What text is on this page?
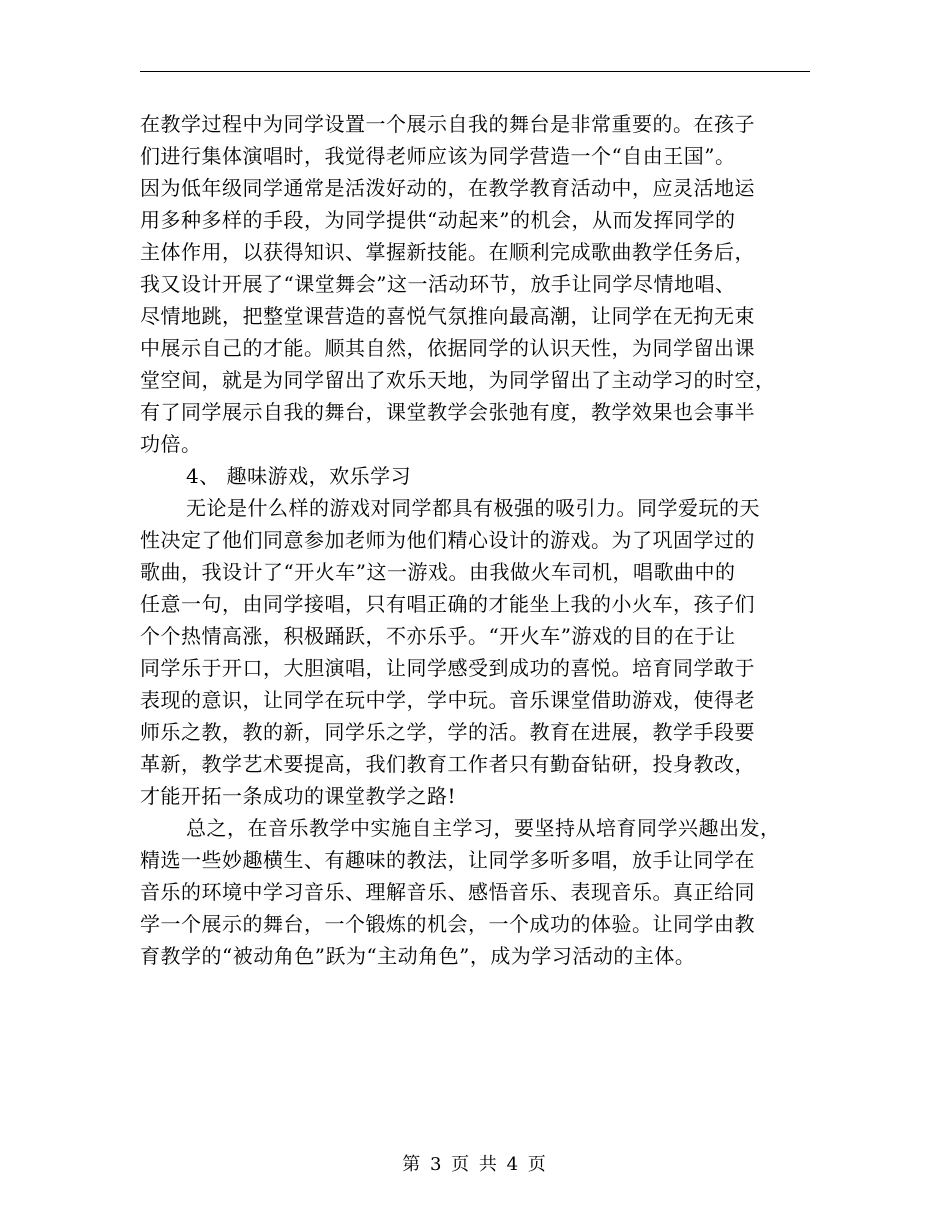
在教学过程中为同学设置一个展示自我的舞台是非常重要的。在孩子
们进行集体演唱时，我觉得老师应该为同学营造一个“自由王国”。
因为低年级同学通常是活泼好动的，在教学教育活动中，应灵活地运
用多种多样的手段，为同学提供“动起来”的机会，从而发挥同学的
主体作用，以获得知识、掌握新技能。在顺利完成歌曲教学任务后，
我又设计开展了“课堂舞会”这一活动环节，放手让同学尽情地唱、
尽情地跳，把整堂课营造的喜悦气氛推向最高潮，让同学在无拘无束
中展示自己的才能。顺其自然，依据同学的认识天性，为同学留出课
堂空间，就是为同学留出了欢乐天地，为同学留出了主动学习的时空，
有了同学展示自我的舞台，课堂教学会张弛有度，教学效果也会事半
功倍。
4、 趣味游戏，欢乐学习
无论是什么样的游戏对同学都具有极强的吸引力。同学爱玩的天
性决定了他们同意参加老师为他们精心设计的游戏。为了巩固学过的
歌曲，我设计了“开火车”这一游戏。由我做火车司机，唱歌曲中的
任意一句，由同学接唱，只有唱正确的才能坐上我的小火车，孩子们
个个热情高涨，积极踊跃，不亦乐乎。“开火车”游戏的目的在于让
同学乐于开口，大胆演唱，让同学感受到成功的喜悦。培育同学敢于
表现的意识，让同学在玩中学，学中玩。音乐课堂借助游戏，使得老
师乐之教，教的新，同学乐之学，学的活。教育在进展，教学手段要
革新，教学艺术要提高，我们教育工作者只有勤奋钻研，投身教改，
才能开拓一条成功的课堂教学之路!
总之，在音乐教学中实施自主学习，要坚持从培育同学兴趣出发，
精选一些妙趣横生、有趣味的教法，让同学多听多唱，放手让同学在
音乐的环境中学习音乐、理解音乐、感悟音乐、表现音乐。真正给同
学一个展示的舞台，一个锻炼的机会，一个成功的体验。让同学由教
育教学的“被动角色”跃为“主动角色”，成为学习活动的主体。
第 3 页 共 4 页
